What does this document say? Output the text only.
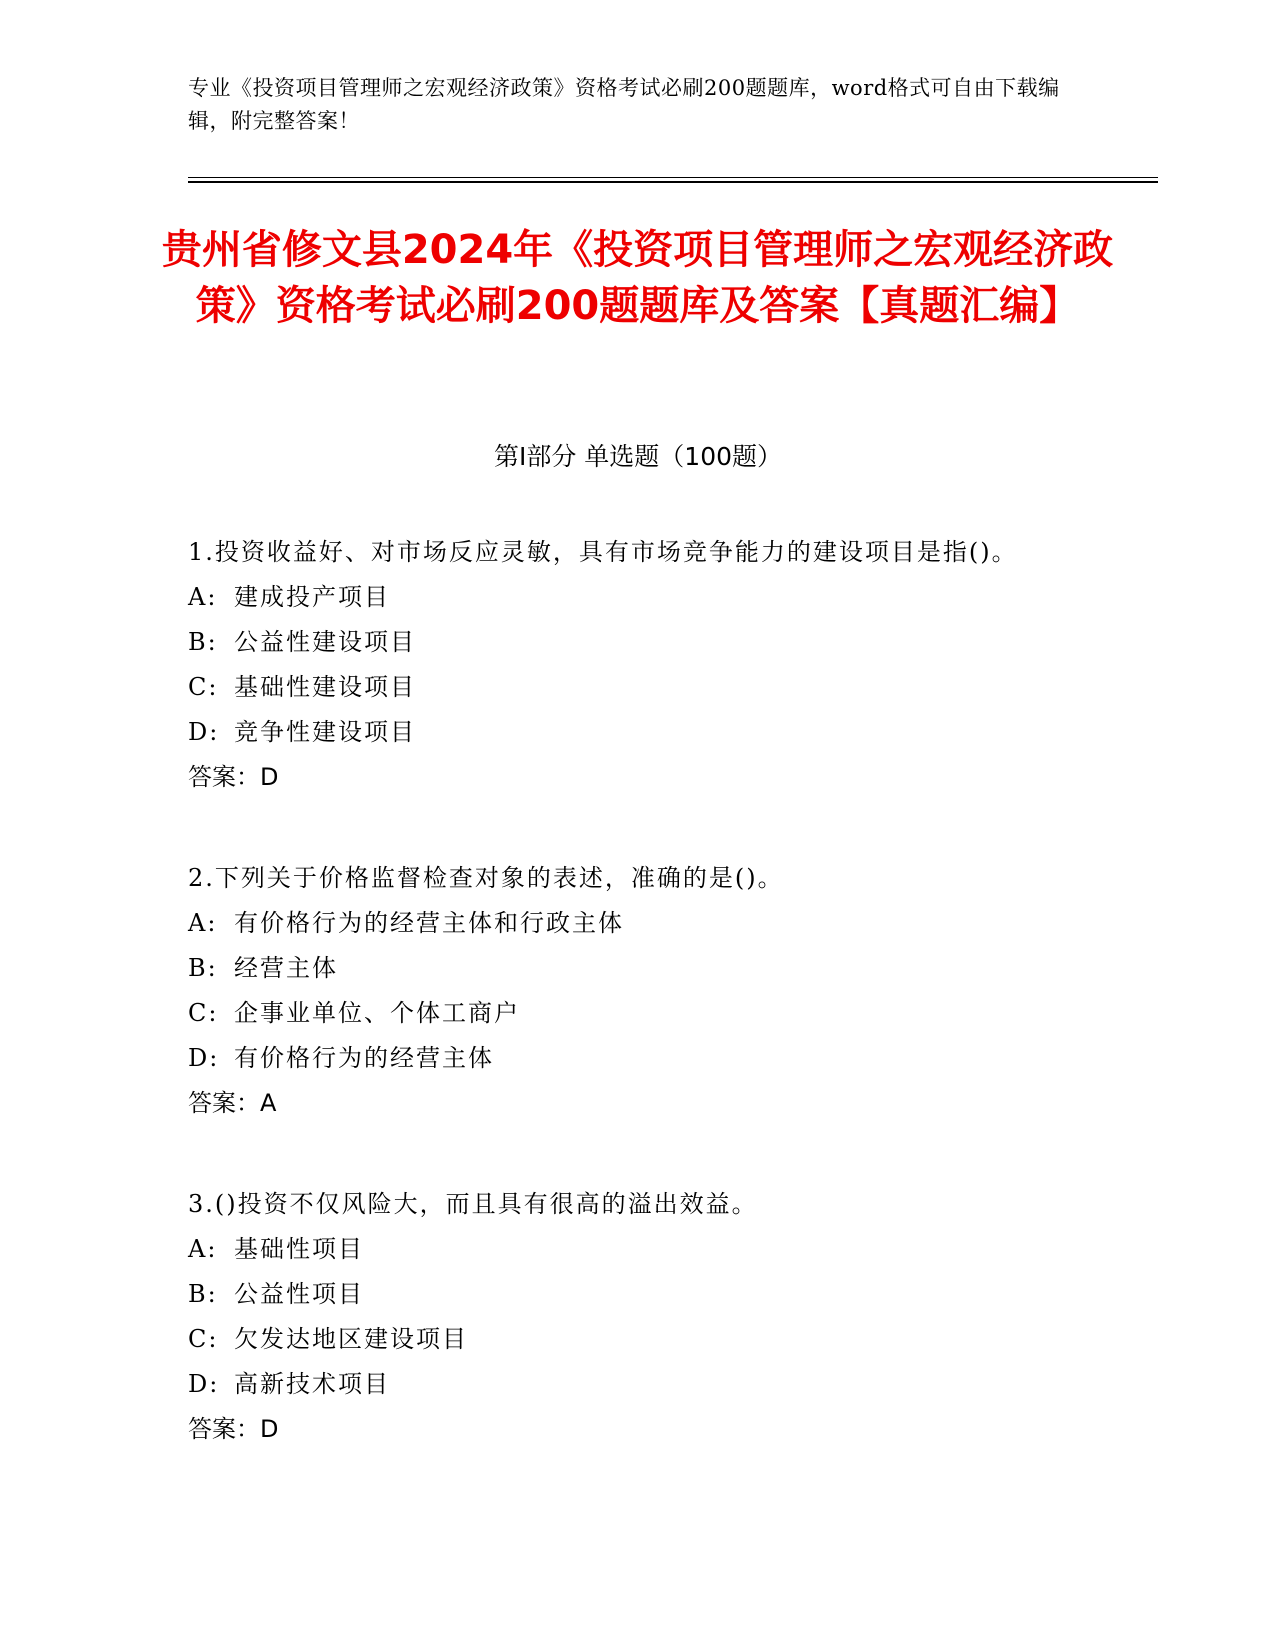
专业《投资项目管理师之宏观经济政策》资格考试必刷200题题库，word格式可自由下载编辑，附完整答案！
贵州省修文县2024年《投资项目管理师之宏观经济政策》资格考试必刷200题题库及答案【真题汇编】
第I部分 单选题（100题）

1.投资收益好、对市场反应灵敏，具有市场竞争能力的建设项目是指()。

A: 建成投产项目

B: 公益性建设项目

C: 基础性建设项目

D: 竞争性建设项目

答案：D

2.下列关于价格监督检查对象的表述，准确的是()。

A: 有价格行为的经营主体和行政主体

B: 经营主体

C: 企事业单位、个体工商户

D: 有价格行为的经营主体

答案：A

3.()投资不仅风险大，而且具有很高的溢出效益。

A: 基础性项目

B: 公益性项目

C: 欠发达地区建设项目

D: 高新技术项目

答案：D
